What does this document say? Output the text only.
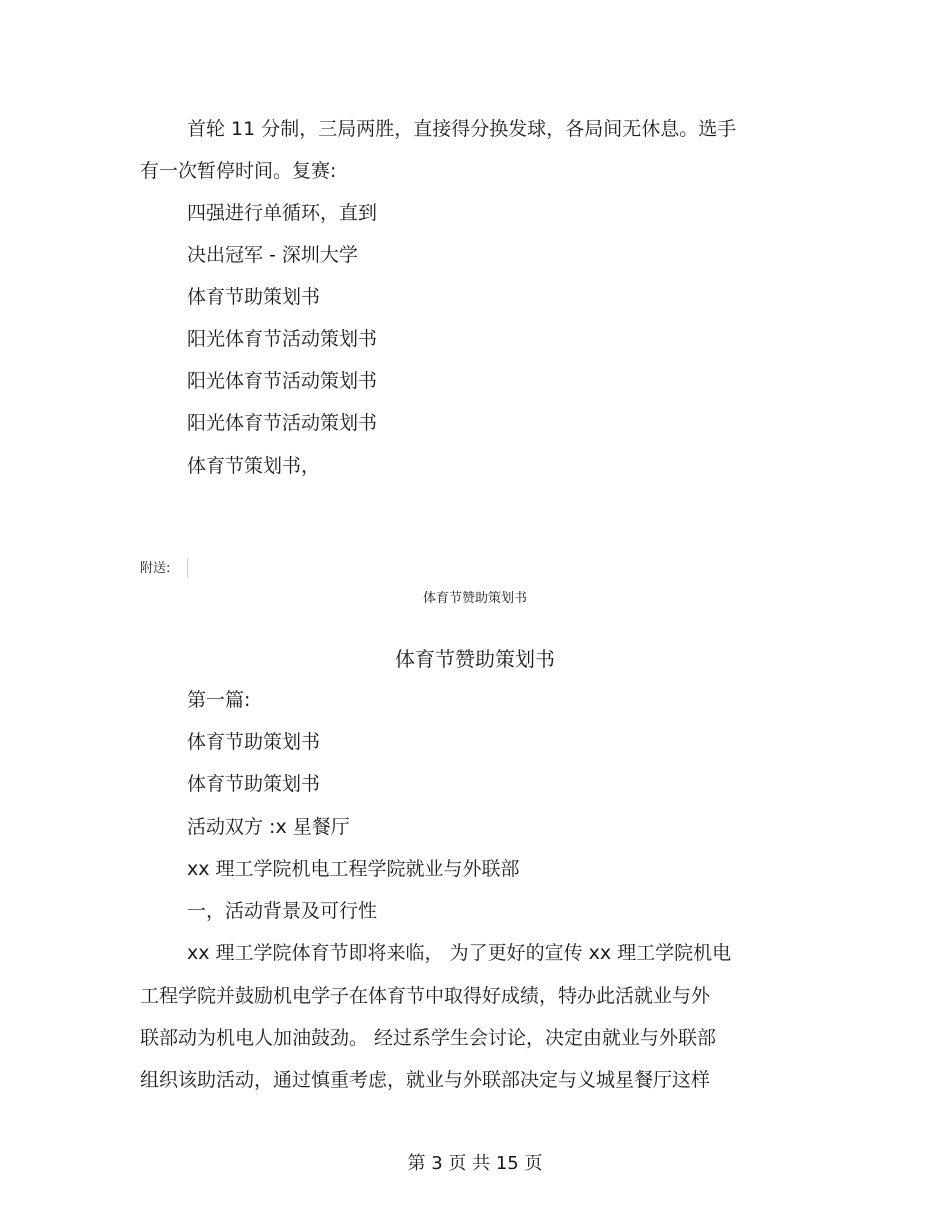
首轮 11 分制，三局两胜，直接得分换发球，各局间无休息。选手
有一次暂停时间。复赛:
四强进行单循环，直到
决出冠军 - 深圳大学
体育节助策划书
阳光体育节活动策划书
阳光体育节活动策划书
阳光体育节活动策划书
体育节策划书，
附送:
体育节赞助策划书
体育节赞助策划书
第一篇:
体育节助策划书
体育节助策划书
活动双方 :x 星餐厅
xx 理工学院机电工程学院就业与外联部
一，活动背景及可行性
xx 理工学院体育节即将来临， 为了更好的宣传 xx 理工学院机电
工程学院并鼓励机电学子在体育节中取得好成绩，特办此活就业与外
联部动为机电人加油鼓劲。 经过系学生会讨论，决定由就业与外联部
组织该助活动，通过慎重考虑，就业与外联部决定与义城星餐厅这样
第 3 页 共 15 页
